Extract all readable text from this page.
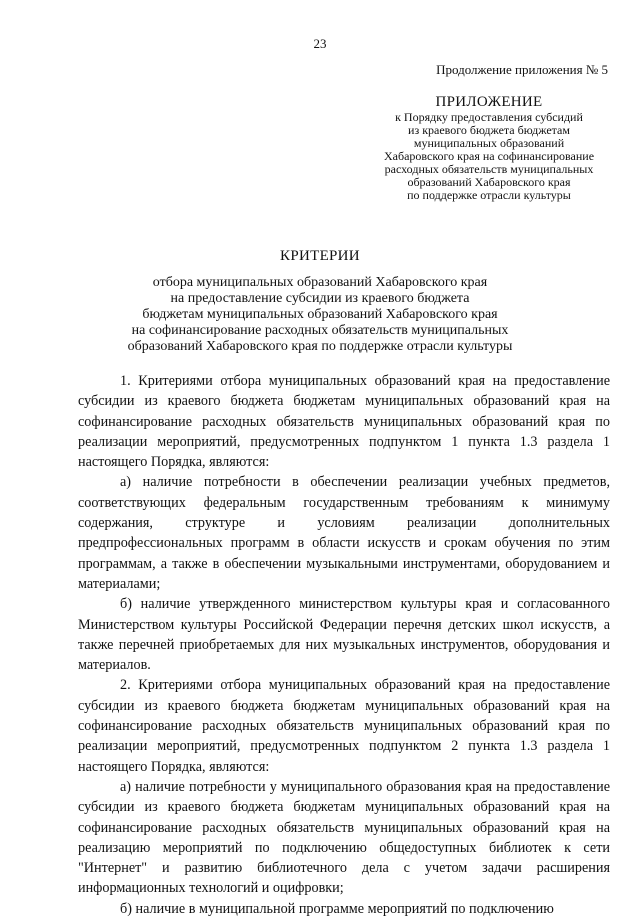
23
Продолжение приложения № 5
ПРИЛОЖЕНИЕ
к Порядку предоставления субсидий
из краевого бюджета бюджетам
муниципальных образований
Хабаровского края на софинансирование
расходных обязательств муниципальных
образований Хабаровского края
по поддержке отрасли культуры
КРИТЕРИИ
отбора муниципальных образований Хабаровского края
на предоставление субсидии из краевого бюджета
бюджетам муниципальных образований Хабаровского края
на софинансирование расходных обязательств муниципальных
образований Хабаровского края по поддержке отрасли культуры

1. Критериями отбора муниципальных образований края на предоставление субсидии из краевого бюджета бюджетам муниципальных образований края на софинансирование расходных обязательств муниципальных образований края по реализации мероприятий, предусмотренных подпунктом 1 пункта 1.3 раздела 1 настоящего Порядка, являются:

а) наличие потребности в обеспечении реализации учебных предметов, соответствующих федеральным государственным требованиям к минимуму содержания, структуре и условиям реализации дополнительных предпрофессиональных программ в области искусств и срокам обучения по этим программам, а также в обеспечении музыкальными инструментами, оборудованием и материалами;

б) наличие утвержденного министерством культуры края и согласованного Министерством культуры Российской Федерации перечня детских школ искусств, а также перечней приобретаемых для них музыкальных инструментов, оборудования и материалов.

2. Критериями отбора муниципальных образований края на предоставление субсидии из краевого бюджета бюджетам муниципальных образований края на софинансирование расходных обязательств муниципальных образований края по реализации мероприятий, предусмотренных подпунктом 2 пункта 1.3 раздела 1 настоящего Порядка, являются:

а) наличие потребности у муниципального образования края на предоставление субсидии из краевого бюджета бюджетам муниципальных образований края на софинансирование расходных обязательств муниципальных образований края на реализацию мероприятий по подключению общедоступных библиотек к сети "Интернет" и развитию библиотечного дела с учетом задачи расширения информационных технологий и оцифровки;

б) наличие в муниципальной программе мероприятий по подключению
